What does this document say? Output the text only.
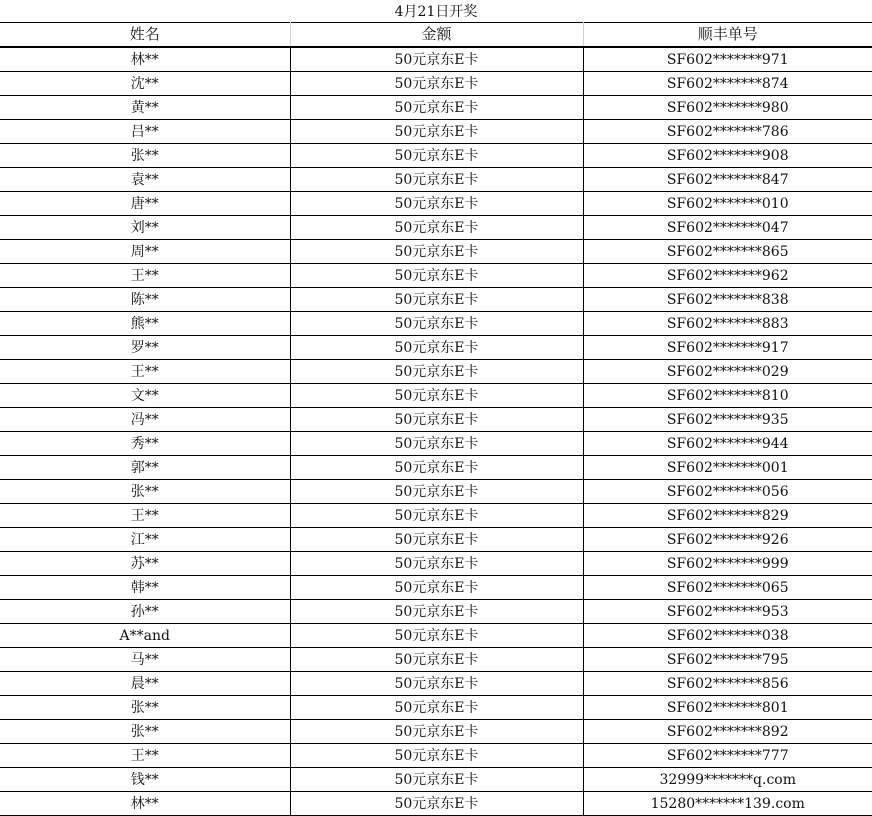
4月21日开奖
姓名	金额	顺丰单号
林**	50元京东E卡	SF602*******971
沈**	50元京东E卡	SF602*******874
黄**	50元京东E卡	SF602*******980
吕**	50元京东E卡	SF602*******786
张**	50元京东E卡	SF602*******908
袁**	50元京东E卡	SF602*******847
唐**	50元京东E卡	SF602*******010
刘**	50元京东E卡	SF602*******047
周**	50元京东E卡	SF602*******865
王**	50元京东E卡	SF602*******962
陈**	50元京东E卡	SF602*******838
熊**	50元京东E卡	SF602*******883
罗**	50元京东E卡	SF602*******917
王**	50元京东E卡	SF602*******029
文**	50元京东E卡	SF602*******810
冯**	50元京东E卡	SF602*******935
秀**	50元京东E卡	SF602*******944
郭**	50元京东E卡	SF602*******001
张**	50元京东E卡	SF602*******056
王**	50元京东E卡	SF602*******829
江**	50元京东E卡	SF602*******926
苏**	50元京东E卡	SF602*******999
韩**	50元京东E卡	SF602*******065
孙**	50元京东E卡	SF602*******953
A**and	50元京东E卡	SF602*******038
马**	50元京东E卡	SF602*******795
晨**	50元京东E卡	SF602*******856
张**	50元京东E卡	SF602*******801
张**	50元京东E卡	SF602*******892
王**	50元京东E卡	SF602*******777
钱**	50元京东E卡	32999*******q.com
林**	50元京东E卡	15280*******139.com
